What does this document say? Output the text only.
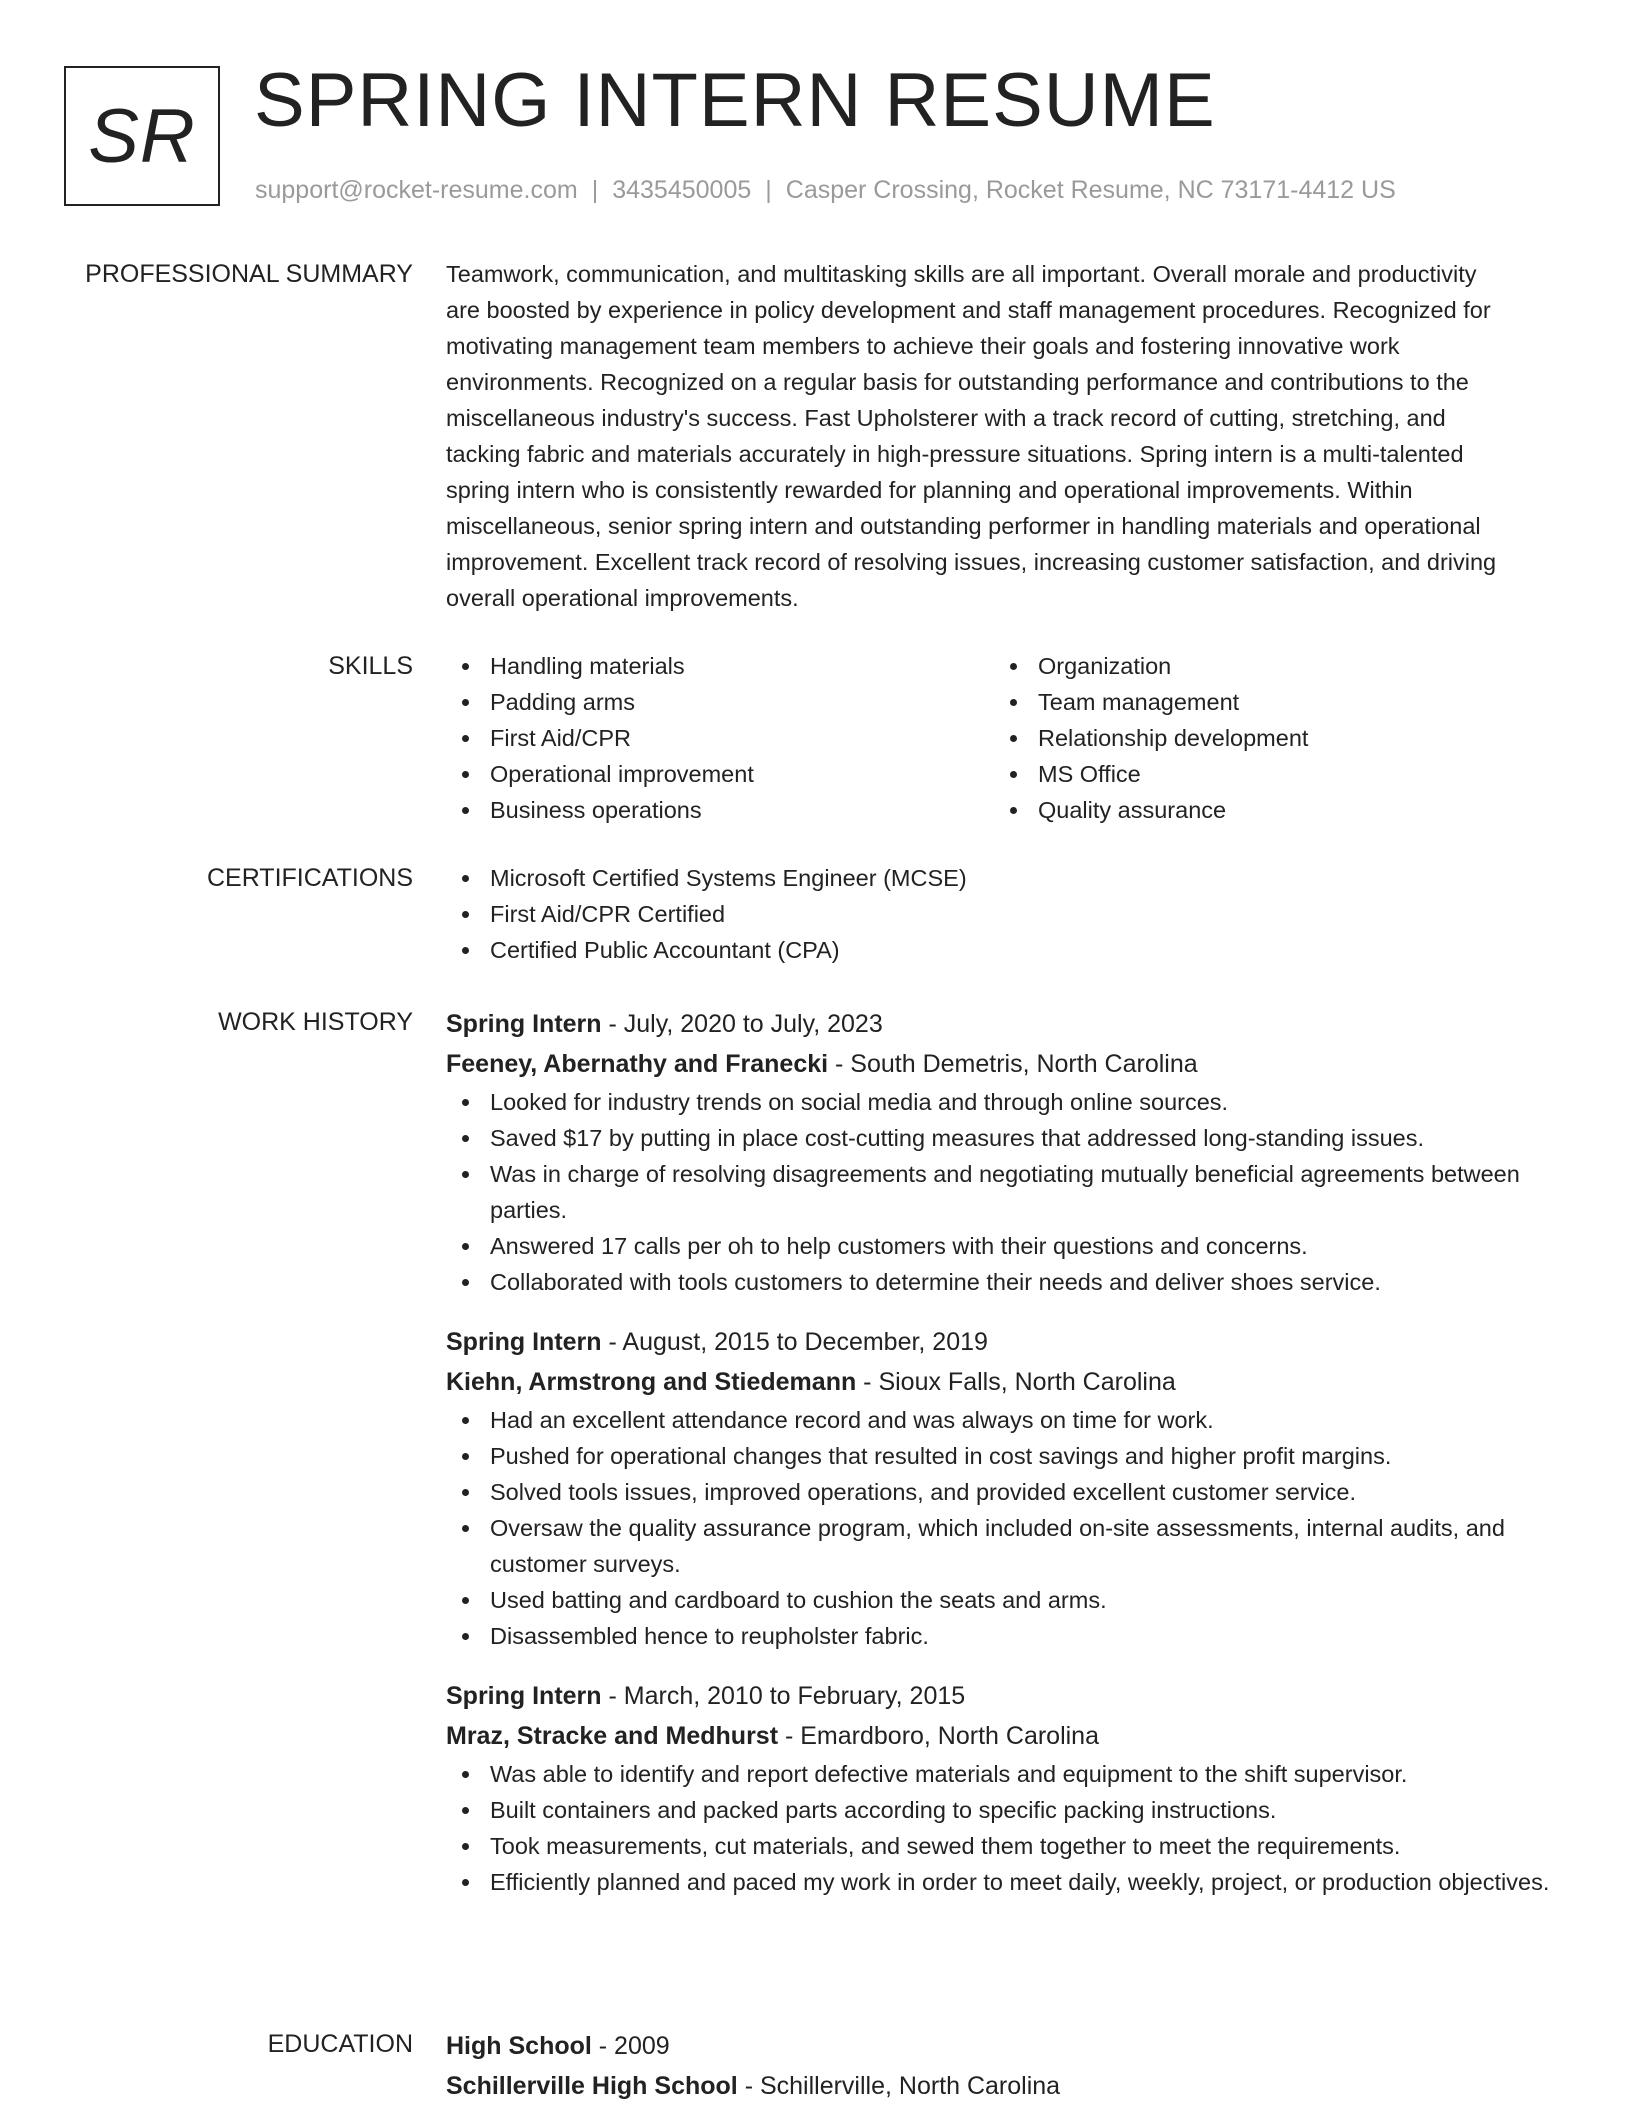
SR SPRING INTERN RESUME
support@rocket-resume.com | 3435450005 | Casper Crossing, Rocket Resume, NC 73171-4412 US
PROFESSIONAL SUMMARY Teamwork, communication, and multitasking skills are all important. Overall morale and productivity
are boosted by experience in policy development and staff management procedures. Recognized for
motivating management team members to achieve their goals and fostering innovative work
environments. Recognized on a regular basis for outstanding performance and contributions to the
miscellaneous industry's success. Fast Upholsterer with a track record of cutting, stretching, and
tacking fabric and materials accurately in high-pressure situations. Spring intern is a multi-talented
spring intern who is consistently rewarded for planning and operational improvements. Within
miscellaneous, senior spring intern and outstanding performer in handling materials and operational
improvement. Excellent track record of resolving issues, increasing customer satisfaction, and driving
overall operational improvements.
SKILLS	Handling materials
Padding arms
First Aid/CPR
Operational improvement
Business operations
Organization
Team management
Relationship development
MS Office
Quality assurance
CERTIFICATIONS	Microsoft Certified Systems Engineer (MCSE)
First Aid/CPR Certified
Certified Public Accountant (CPA)
WORK HISTORY Spring Intern - July, 2020 to July, 2023

Feeney, Abernathy and Franecki - South Demetris, North Carolina

Looked for industry trends on social media and through online sources.
Saved $17 by putting in place cost-cutting measures that addressed long-standing issues.
Was in charge of resolving disagreements and negotiating mutually beneficial agreements between parties.
Answered 17 calls per oh to help customers with their questions and concerns.
Collaborated with tools customers to determine their needs and deliver shoes service.

Spring Intern - August, 2015 to December, 2019

Kiehn, Armstrong and Stiedemann - Sioux Falls, North Carolina

Had an excellent attendance record and was always on time for work.
Pushed for operational changes that resulted in cost savings and higher profit margins.
Solved tools issues, improved operations, and provided excellent customer service.
Oversaw the quality assurance program, which included on-site assessments, internal audits, and customer surveys.
Used batting and cardboard to cushion the seats and arms.
Disassembled hence to reupholster fabric.

Spring Intern - March, 2010 to February, 2015

Mraz, Stracke and Medhurst - Emardboro, North Carolina

Was able to identify and report defective materials and equipment to the shift supervisor.
Built containers and packed parts according to specific packing instructions.
Took measurements, cut materials, and sewed them together to meet the requirements.
Efficiently planned and paced my work in order to meet daily, weekly, project, or production objectives.
EDUCATION High School - 2009

Schillerville High School - Schillerville, North Carolina
